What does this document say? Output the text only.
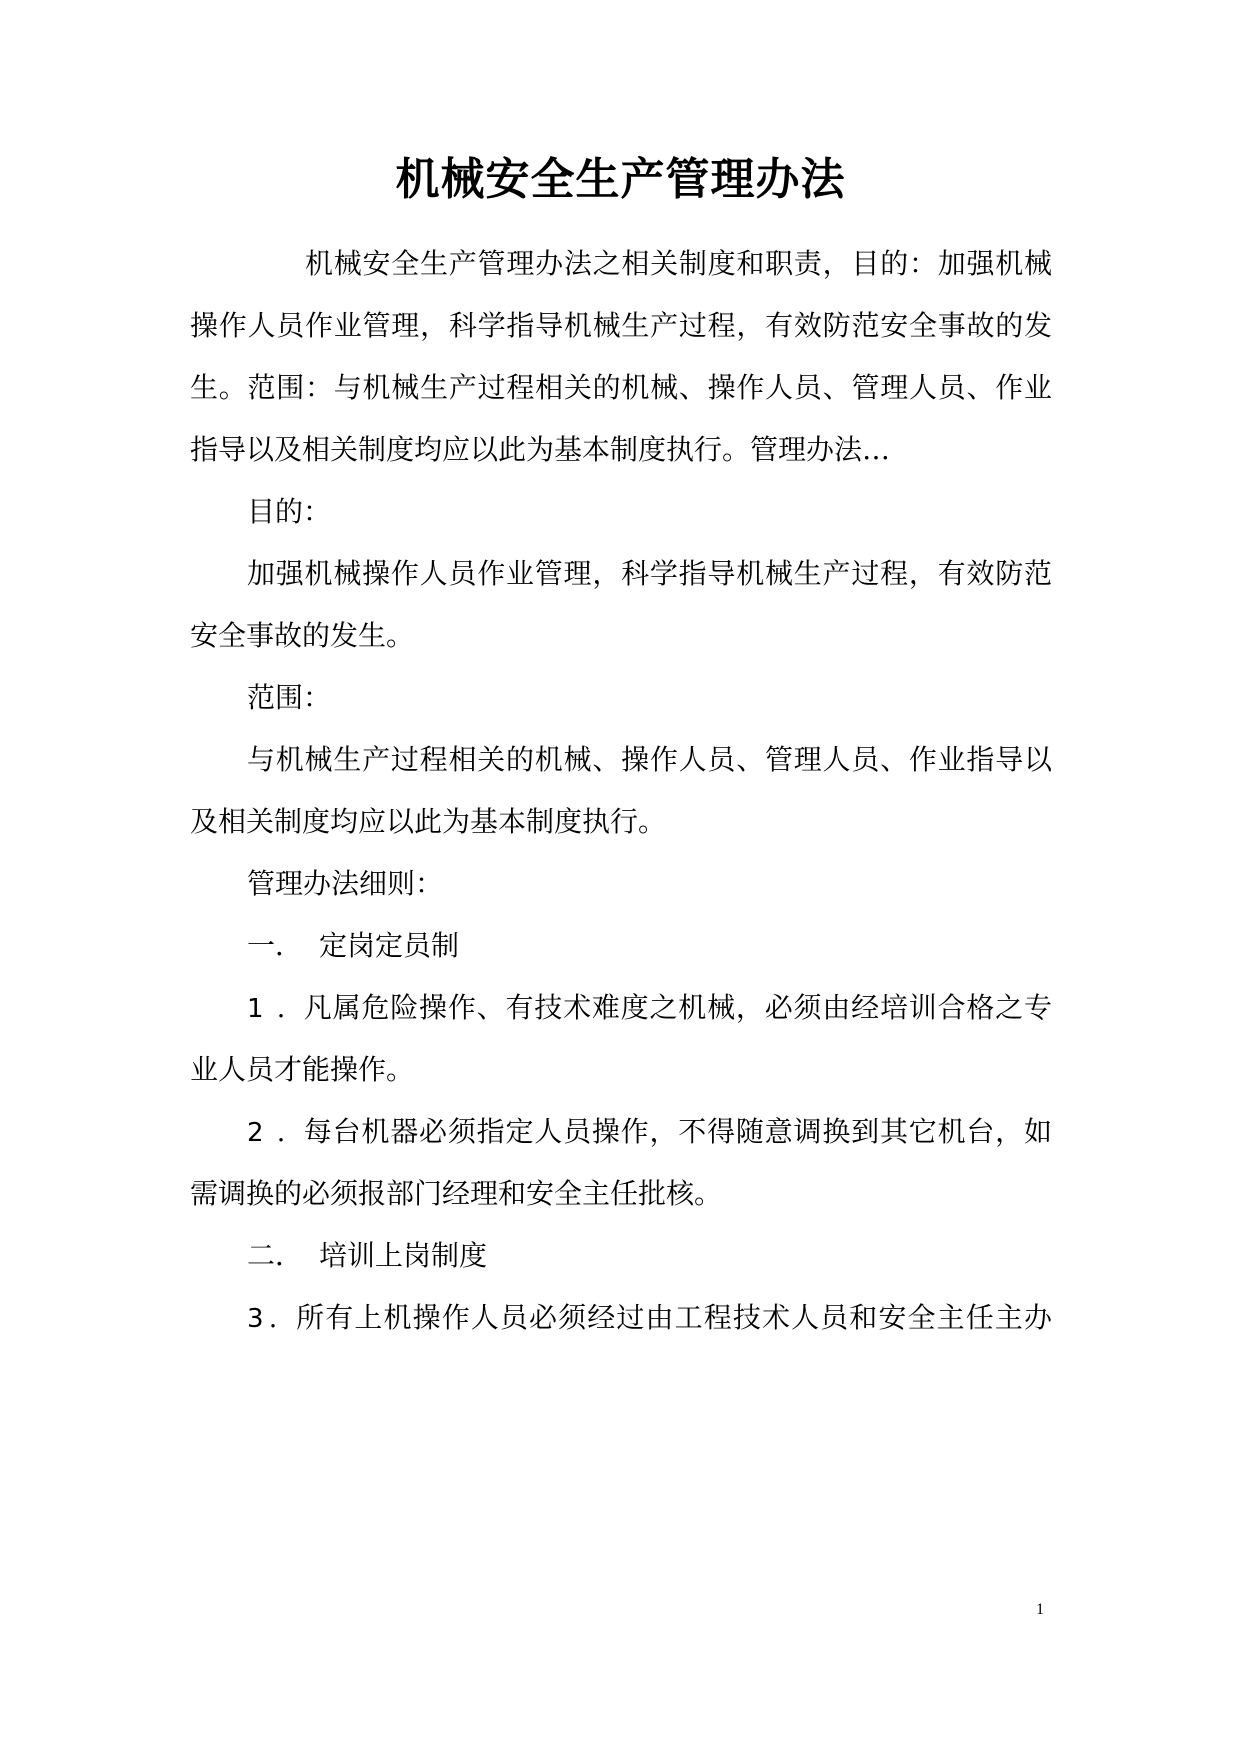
机械安全生产管理办法
机械安全生产管理办法之相关制度和职责，目的：加强机械
操作人员作业管理，科学指导机械生产过程，有效防范安全事故的发
生。范围：与机械生产过程相关的机械、操作人员、管理人员、作业
指导以及相关制度均应以此为基本制度执行。管理办法…
目的：
加强机械操作人员作业管理，科学指导机械生产过程，有效防范
安全事故的发生。
范围：
与机械生产过程相关的机械、操作人员、管理人员、作业指导以
及相关制度均应以此为基本制度执行。
管理办法细则：
一． 定岗定员制
1．凡属危险操作、有技术难度之机械，必须由经培训合格之专
业人员才能操作。
2．每台机器必须指定人员操作，不得随意调换到其它机台，如
需调换的必须报部门经理和安全主任批核。
二． 培训上岗制度
3．所有上机操作人员必须经过由工程技术人员和安全主任主办
1
